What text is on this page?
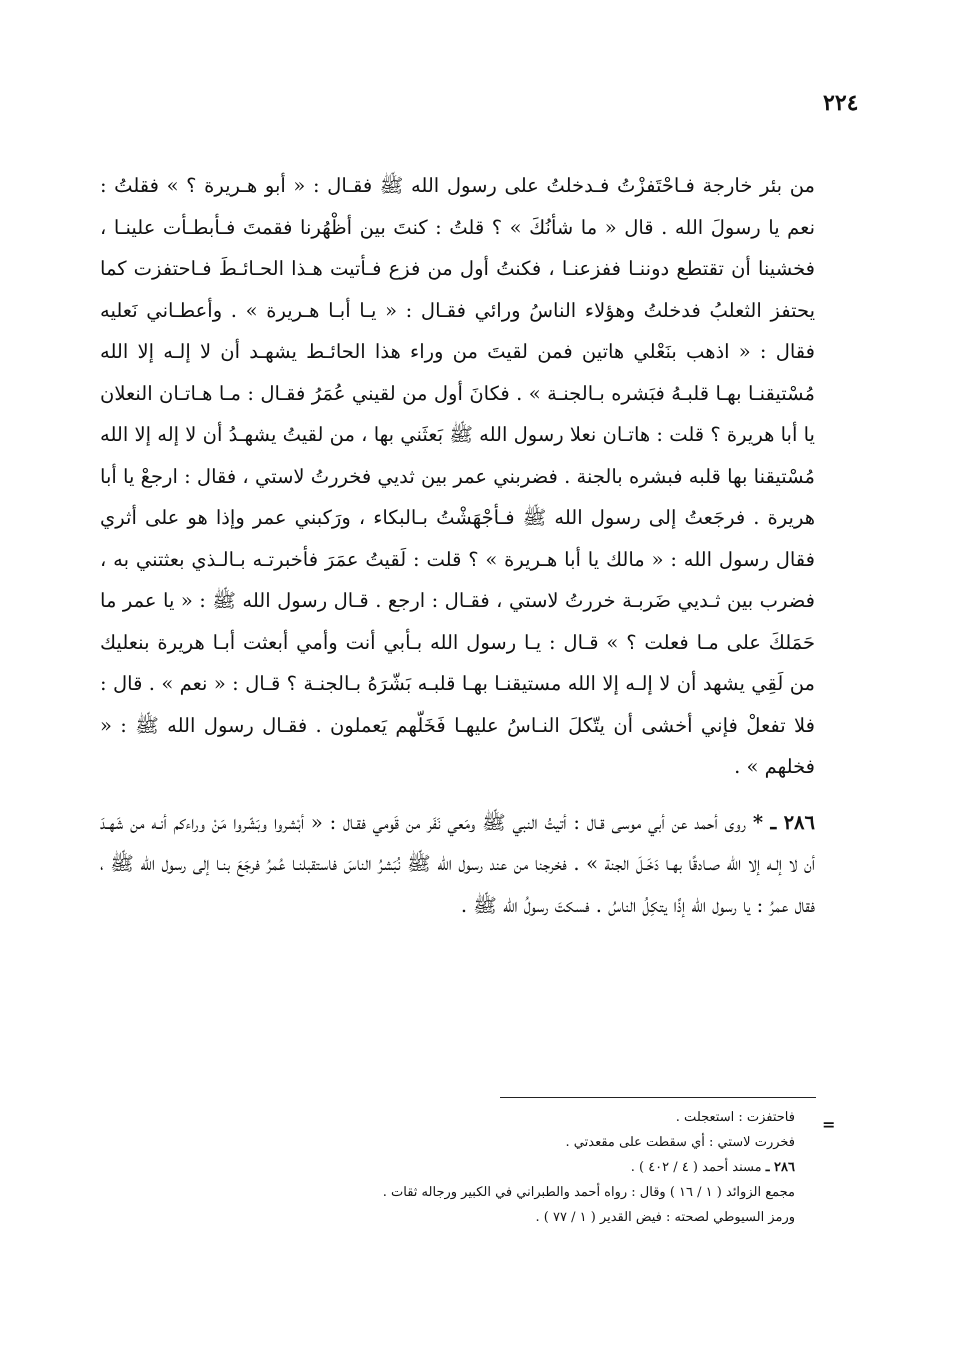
٢٢٤

من بئر خارجة فـاحْتَفزْتُ فـدخلتُ على رسول الله ﷺ فقـال : « أبو هـريرة ؟ » فقلتُ : نعم يا رسولَ الله . قال « ما شأنُكَ » ؟ قلتُ : كنتَ بين أظْهُرنا فقمتَ فـأبطـأت علينـا ، فخشينا أن تقتطع دوننـا ففزعنـا ، فكنتُ أول من فزع فـأتيت هـذا الحـائـطَ فـاحتفزت كما يحتفز الثعلبُ فدخلتُ وهؤلاء الناسُ ورائي فقـال : « يـا أبـا هـريرة » . وأعطـاني نَعليه فقال : « اذهب بنَعْلي هاتين فمن لقيتَ من وراء هذا الحائـط يشهـد أن لا إلـه إلا الله مُسْتيقنـا بهـا قلبـهُ فبَشره بـالجنـة » . فكانَ أول من لقيني عُمَرُ فقـال : مـا هـاتـان النعلان يا أبا هريرة ؟ قلت : هاتـان نعلا رسول الله ﷺ بَعثَني بها ، من لقيتُ يشهـدُ أن لا إله إلا الله مُسْتيقنا بها قلبه فبشره بالجنة . فضربني عمر بين ثديي فخررتُ لاستي ، فقال : ارجعْ يا أبا هريرة . فرجَعتُ إلى رسول الله ﷺ فـأجْهَشْتُ بـالبكاء ، ورَكبني عمر وإذا هو على أثري فقال رسول الله : « مالك يا أبا هـريرة » ؟ قلت : لَقيتُ عمَرَ فأخبرتـه بـالـذي بعثتني به ، فضرب بين ثـديي ضَربـة خررتُ لاستي ، فقـال : ارجع . قـال رسول الله ﷺ : « يا عمر ما حَمَلكَ على مـا فعلت ؟ » قـال : يـا رسول الله بـأبي أنت وأمي أبعثت أبـا هريرة بنعليك من لَقِي يشهد أن لا إلـه إلا الله مستيقنـا بهـا قلبـه بَشّرَهُ بـالجنـة ؟ قـال : « نعم » . قال : فلا تفعلْ فإني أخشى أن يتّكلَ النـاسُ عليهـا فَخَلّهم يَعملون . فقـال رسول الله ﷺ : « فخلهم » .

٢٨٦ ـ * روى أحمد عن أبي موسى قـال : أتيتُ النبي ﷺ ومَعي نَفَر من قَومي فقـال : « أبْشروا وبَشّروا مَنْ وراءكم أنـه من شَهـدَ أن لا إلـه إلا الله صـادقًا بهـا دَخَـلَ الجنة » . فخرجنا من عند رسول الله ﷺ نُبَشرُ الناسَ فاستقبلنـا عُمرُ فرجَعَ بنـا إلى رسول الله ﷺ ، فقال عمرُ : يا رسول الله إذًا يتكِلُ الناسُ . فسكتَ رسولُ الله ﷺ .

=
فاحتفزت : استعجلت .
فخررت لاستي : أي سقطت على مقعدتي .
٢٨٦ ـ مسند أحمد ( ٤ / ٤٠٢ ) .
مجمع الزوائد ( ١ / ١٦ ) وقال : رواه أحمد والطبراني في الكبير ورجاله ثقات .
ورمز السيوطي لصحته : فيض القدير ( ١ / ٧٧ ) .
